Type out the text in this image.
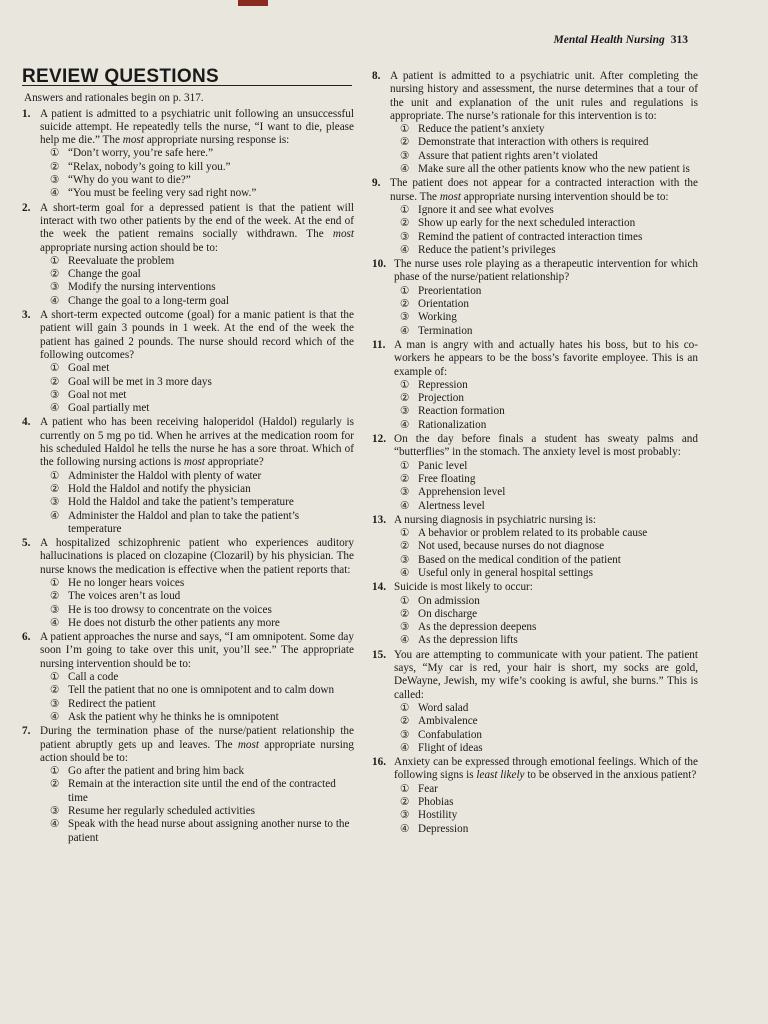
Mental Health Nursing 313
REVIEW QUESTIONS
Answers and rationales begin on p. 317.
1. A patient is admitted to a psychiatric unit following an unsuccessful suicide attempt. He repeatedly tells the nurse, “I want to die, please help me die.” The most appropriate nursing response is:
① “Don’t worry, you’re safe here.”
② “Relax, nobody’s going to kill you.”
③ “Why do you want to die?”
④ “You must be feeling very sad right now.”
2. A short-term goal for a depressed patient is that the patient will interact with two other patients by the end of the week. At the end of the week the patient remains socially withdrawn. The most appropriate nursing action should be to:
① Reevaluate the problem
② Change the goal
③ Modify the nursing interventions
④ Change the goal to a long-term goal
3. A short-term expected outcome (goal) for a manic patient is that the patient will gain 3 pounds in 1 week. At the end of the week the patient has gained 2 pounds. The nurse should record which of the following outcomes?
① Goal met
② Goal will be met in 3 more days
③ Goal not met
④ Goal partially met
4. A patient who has been receiving haloperidol (Haldol) regularly is currently on 5 mg po tid. When he arrives at the medication room for his scheduled Haldol he tells the nurse he has a sore throat. Which of the following nursing actions is most appropriate?
① Administer the Haldol with plenty of water
② Hold the Haldol and notify the physician
③ Hold the Haldol and take the patient’s temperature
④ Administer the Haldol and plan to take the patient’s temperature
5. A hospitalized schizophrenic patient who experiences auditory hallucinations is placed on clozapine (Clozaril) by his physician. The nurse knows the medication is effective when the patient reports that:
① He no longer hears voices
② The voices aren’t as loud
③ He is too drowsy to concentrate on the voices
④ He does not disturb the other patients any more
6. A patient approaches the nurse and says, “I am omnipotent. Some day soon I’m going to take over this unit, you’ll see.” The appropriate nursing intervention should be to:
① Call a code
② Tell the patient that no one is omnipotent and to calm down
③ Redirect the patient
④ Ask the patient why he thinks he is omnipotent
7. During the termination phase of the nurse/patient relationship the patient abruptly gets up and leaves. The most appropriate nursing action should be to:
① Go after the patient and bring him back
② Remain at the interaction site until the end of the contracted time
③ Resume her regularly scheduled activities
④ Speak with the head nurse about assigning another nurse to the patient
8. A patient is admitted to a psychiatric unit. After completing the nursing history and assessment, the nurse determines that a tour of the unit and explanation of the unit rules and regulations is appropriate. The nurse’s rationale for this intervention is to:
① Reduce the patient’s anxiety
② Demonstrate that interaction with others is required
③ Assure that patient rights aren’t violated
④ Make sure all the other patients know who the new patient is
9. The patient does not appear for a contracted interaction with the nurse. The most appropriate nursing intervention should be to:
① Ignore it and see what evolves
② Show up early for the next scheduled interaction
③ Remind the patient of contracted interaction times
④ Reduce the patient’s privileges
10. The nurse uses role playing as a therapeutic intervention for which phase of the nurse/patient relationship?
① Preorientation
② Orientation
③ Working
④ Termination
11. A man is angry with and actually hates his boss, but to his co-workers he appears to be the boss’s favorite employee. This is an example of:
① Repression
② Projection
③ Reaction formation
④ Rationalization
12. On the day before finals a student has sweaty palms and “butterflies” in the stomach. The anxiety level is most probably:
① Panic level
② Free floating
③ Apprehension level
④ Alertness level
13. A nursing diagnosis in psychiatric nursing is:
① A behavior or problem related to its probable cause
② Not used, because nurses do not diagnose
③ Based on the medical condition of the patient
④ Useful only in general hospital settings
14. Suicide is most likely to occur:
① On admission
② On discharge
③ As the depression deepens
④ As the depression lifts
15. You are attempting to communicate with your patient. The patient says, “My car is red, your hair is short, my socks are gold, DeWayne, Jewish, my wife’s cooking is awful, she burns.” This is called:
① Word salad
② Ambivalence
③ Confabulation
④ Flight of ideas
16. Anxiety can be expressed through emotional feelings. Which of the following signs is least likely to be observed in the anxious patient?
① Fear
② Phobias
③ Hostility
④ Depression
